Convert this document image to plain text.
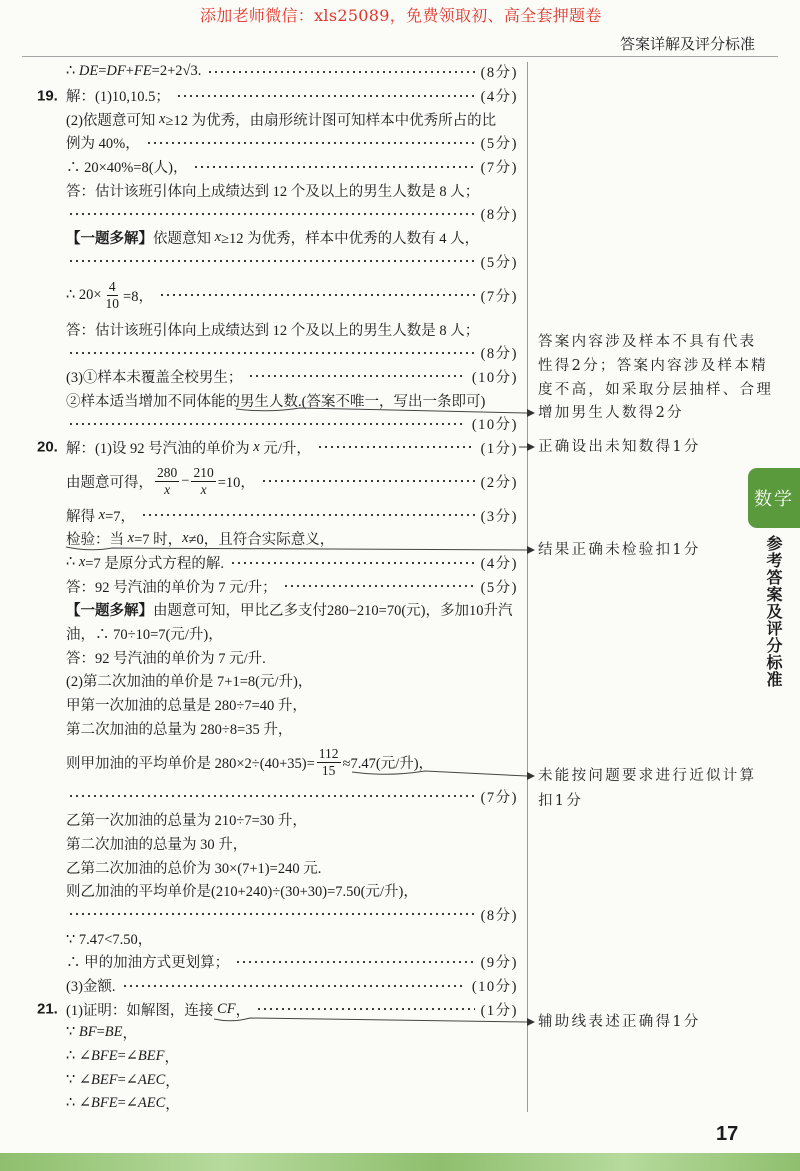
添加老师微信：xls25089，免费领取初、高全套押题卷
答案详解及评分标准
∴ DE = DF + FE =2+2√3.	(8分)
19. 解：(1)10,10.5；	(4分)
(2)依题意可知 x ≥12 为优秀，由扇形统计图可知样本中优秀所占的比
例为 40%，	(5分)
∴ 20×40%=8(人)，	(7分)
答：估计该班引体向上成绩达到 12 个及以上的男生人数是 8 人；
(8分)
【一题多解】 依题意知 x ≥12 为优秀，样本中优秀的人数有 4 人，
(5分)
∴ $20\times \frac{4}{10} =8$，	(7分)
答：估计该班引体向上成绩达到 12 个及以上的男生人数是 8 人；
(8分)
(3)①样本未覆盖全校男生；	(10分)
②样本适当增加不同体能的男生人数.(答案不唯一，写出一条即可)
(10分)
20. 解：(1)设 92 号汽油的单价为 x 元/升，	(1分)
由题意可得， $\frac{280}{x} - \frac{210}{x} =10$，	(2分)
解得 x =7，	(3分)
检验：当 x =7 时， x ≠0，且符合实际意义，
∴ x =7 是原分式方程的解.	(4分)
答：92 号汽油的单价为 7 元/升；	(5分)
【一题多解】 由题意可知，甲比乙多支付280−210=70(元)，多加10升汽
油，∴ 70÷10=7(元/升)，
答：92 号汽油的单价为 7 元/升.
(2)第二次加油的单价是 7+1=8(元/升)，
甲第一次加油的总量是 280÷7=40 升，
第二次加油的总量为 280÷8=35 升，
则甲加油的平均单价是 $280\times 2\div(40+35)= \frac{112}{15} \approx 7.47$(元/升)，
(7分)
乙第一次加油的总量为 210÷7=30 升，
第二次加油的总量为 30 升，
乙第二次加油的总价为 30×(7+1)=240 元.
则乙加油的平均单价是(210+240)÷(30+30)=7.50(元/升)，
(8分)
∵ 7.47<7.50，
∴ 甲的加油方式更划算；	(9分)
(3)金额.	(10分)
21. (1)证明：如解图，连接 CF ，	(1分)
∵ BF = BE ，
∴ ∠ BFE =∠ BEF ，
∵ ∠ BEF =∠ AEC ，
∴ ∠ BFE =∠ AEC ，
答案内容涉及样本不具有代表
性得2分；答案内容涉及样本精
度不高，如采取分层抽样、合理
增加男生人数得2分
正确设出未知数得1分
结果正确未检验扣1分
未能按问题要求进行近似计算
扣1分
辅助线表述正确得1分
数学
参考答案及评分标准
17
